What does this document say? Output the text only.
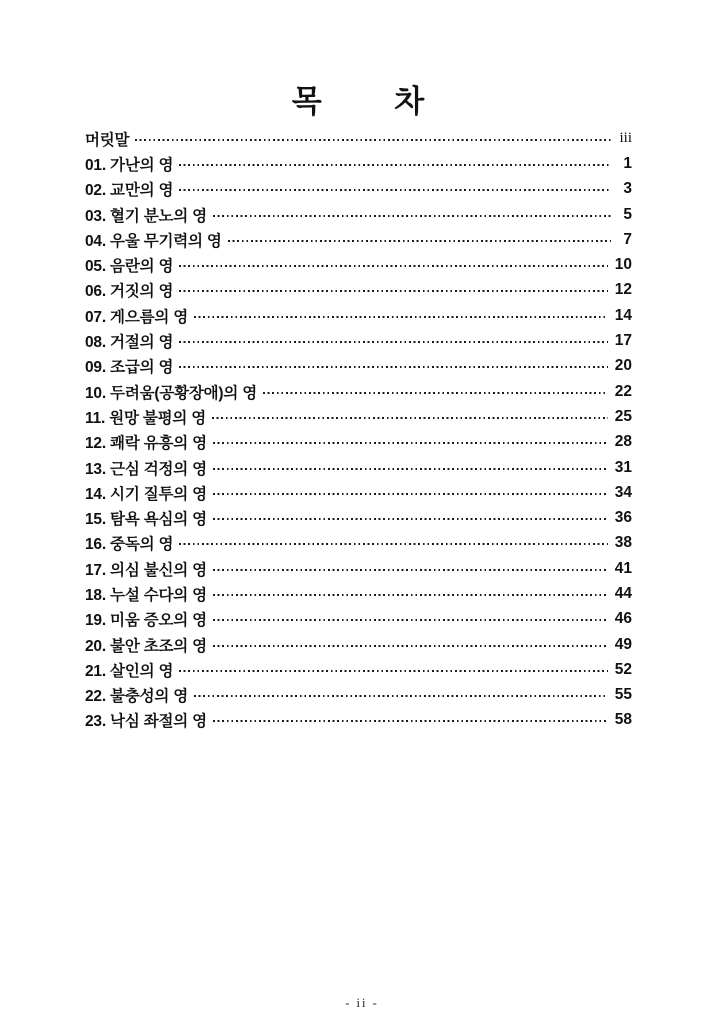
목 차
머릿말	iii
01. 가난의 영	1
02. 교만의 영	3
03. 혈기 분노의 영	5
04. 우울 무기력의 영	7
05. 음란의 영	10
06. 거짓의 영	12
07. 게으름의 영	14
08. 거절의 영	17
09. 조급의 영	20
10. 두려움(공황장애)의 영	22
11. 원망 불평의 영	25
12. 쾌락 유흥의 영	28
13. 근심 걱정의 영	31
14. 시기 질투의 영	34
15. 탐욕 욕심의 영	36
16. 중독의 영	38
17. 의심 불신의 영	41
18. 누설 수다의 영	44
19. 미움 증오의 영	46
20. 불안 초조의 영	49
21. 살인의 영	52
22. 불충성의 영	55
23. 낙심 좌절의 영	58
- ii -
